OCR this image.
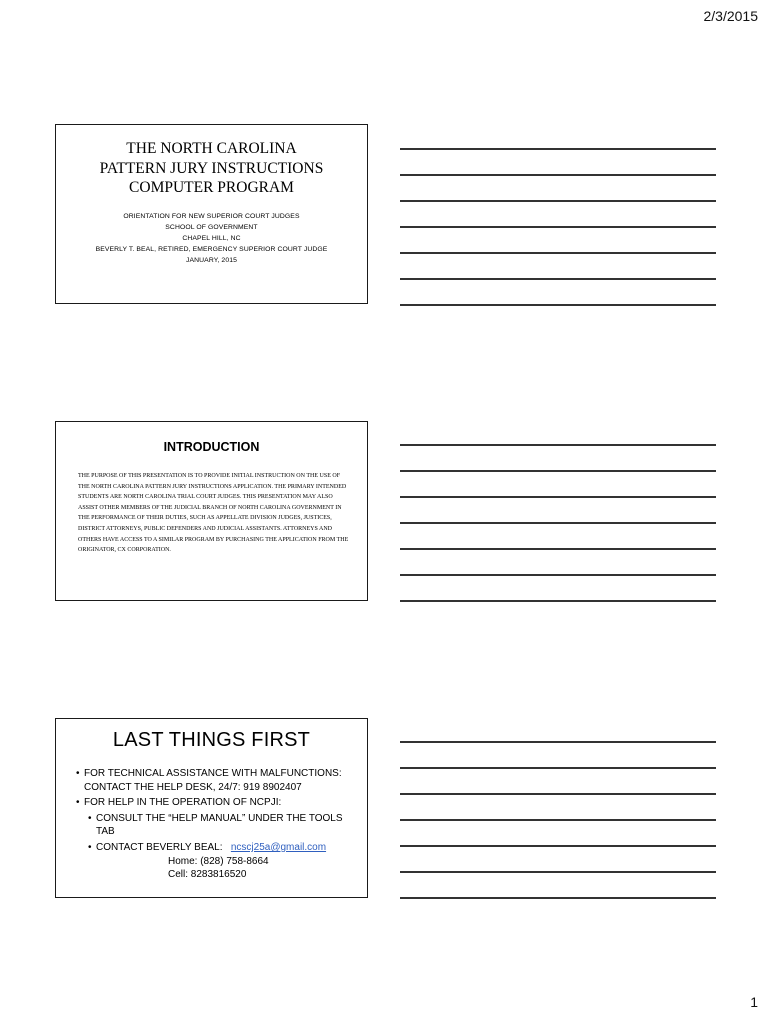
2/3/2015
THE NORTH CAROLINA
PATTERN JURY INSTRUCTIONS
COMPUTER PROGRAM
ORIENTATION FOR NEW SUPERIOR COURT JUDGES
SCHOOL OF GOVERNMENT
CHAPEL HILL, NC
BEVERLY T. BEAL, RETIRED, EMERGENCY SUPERIOR COURT JUDGE
JANUARY, 2015
INTRODUCTION
THE PURPOSE OF THIS PRESENTATION IS TO PROVIDE INITIAL INSTRUCTION ON THE USE OF THE NORTH CAROLINA PATTERN JURY INSTRUCTIONS APPLICATION. THE PRIMARY INTENDED STUDENTS ARE NORTH CAROLINA TRIAL COURT JUDGES. THIS PRESENTATION MAY ALSO ASSIST OTHER MEMBERS OF THE JUDICIAL BRANCH OF NORTH CAROLINA GOVERNMENT IN THE PERFORMANCE OF THEIR DUTIES, SUCH AS APPELLATE DIVISION JUDGES, JUSTICES, DISTRICT ATTORNEYS, PUBLIC DEFENDERS AND JUDICIAL ASSISTANTS. ATTORNEYS AND OTHERS HAVE ACCESS TO A SIMILAR PROGRAM BY PURCHASING THE APPLICATION FROM THE ORIGINATOR, CX CORPORATION.
LAST THINGS FIRST
• FOR TECHNICAL ASSISTANCE WITH MALFUNCTIONS:
CONTACT THE HELP DESK, 24/7: 919 8902407
• FOR HELP IN THE OPERATION OF NCPJI:
• CONSULT THE “HELP MANUAL” UNDER THE TOOLS
TAB
• CONTACT BEVERLY BEAL: ncscj25a@gmail.com
Home: (828) 758-8664
Cell: 8283816520
1
